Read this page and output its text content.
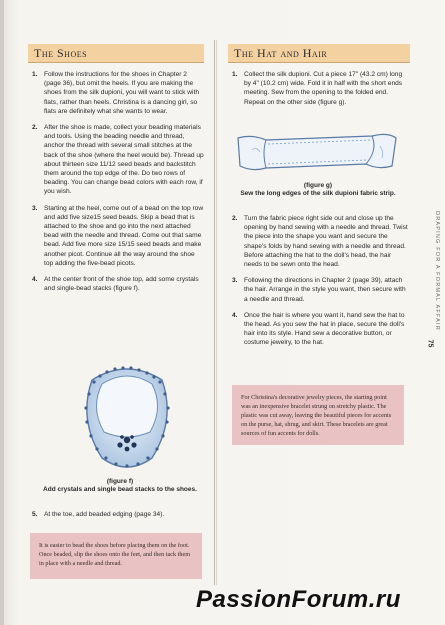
The Shoes
1. Follow the instructions for the shoes in Chapter 2 (page 36), but omit the heels. If you are making the shoes from the silk dupioni, you will want to stick with flats, rather than heels. Christina is a dancing girl, so flats are definitely what she wants to wear.
2. After the shoe is made, collect your beading materials and tools. Using the beading needle and thread, anchor the thread with several small stitches at the back of the shoe (where the heel would be). Thread up about thirteen size 11/12 seed beads and backstitch them around the top edge of the. Do two rows of beading. You can change bead colors with each row, if you wish.
3. Starting at the heel, come out of a bead on the top row and add five size15 seed beads. Skip a bead that is attached to the shoe and go into the next attached bead with the needle and thread. Come out that same bead. Add five more size 15/15 seed beads and make another picot. Continue all the way around the shoe top adding the five-bead picots.
4. At the center front of the shoe top, add some crystals and single-bead stacks (figure f).
(figure f)
Add crystals and single bead stacks to the shoes.
5. At the toe, add beaded edging (page 34).
It is easier to bead the shoes before placing them on the foot. Once beaded, slip the shoes onto the feet, and then tack them in place with a needle and thread.
The Hat and Hair
1. Collect the silk dupioni. Cut a piece 17" (43.2 cm) long by 4" (10.2 cm) wide. Fold it in half with the short ends meeting. Sew from the opening to the folded end. Repeat on the other side (figure g).
(figure g)
Sew the long edges of the silk dupioni fabric strip.
2. Turn the fabric piece right side out and close up the opening by hand sewing with a needle and thread. Twist the piece into the shape you want and secure the shape's folds by hand sewing with a needle and thread. Before attaching the hat to the doll's head, the hair needs to be sewn onto the head.
3. Following the directions in Chapter 2 (page 39), attach the hair. Arrange in the style you want, then secure with a needle and thread.
4. Once the hair is where you want it, hand sew the hat to the head. As you sew the hat in place, secure the doll's hair into its style. Hand sew a decorative button, or costume jewelry, to the hat.
For Christina's decorative jewelry pieces, the starting point was an inexpensive bracelet strung on stretchy plastic. The plastic was cut away, leaving the beautiful pieces for accents on the purse, hat, shrug, and skirt. These bracelets are great sources of fun accents for dolls.
DRAPING FOR A FORMAL AFFAIR
75
PassionForum.ru
